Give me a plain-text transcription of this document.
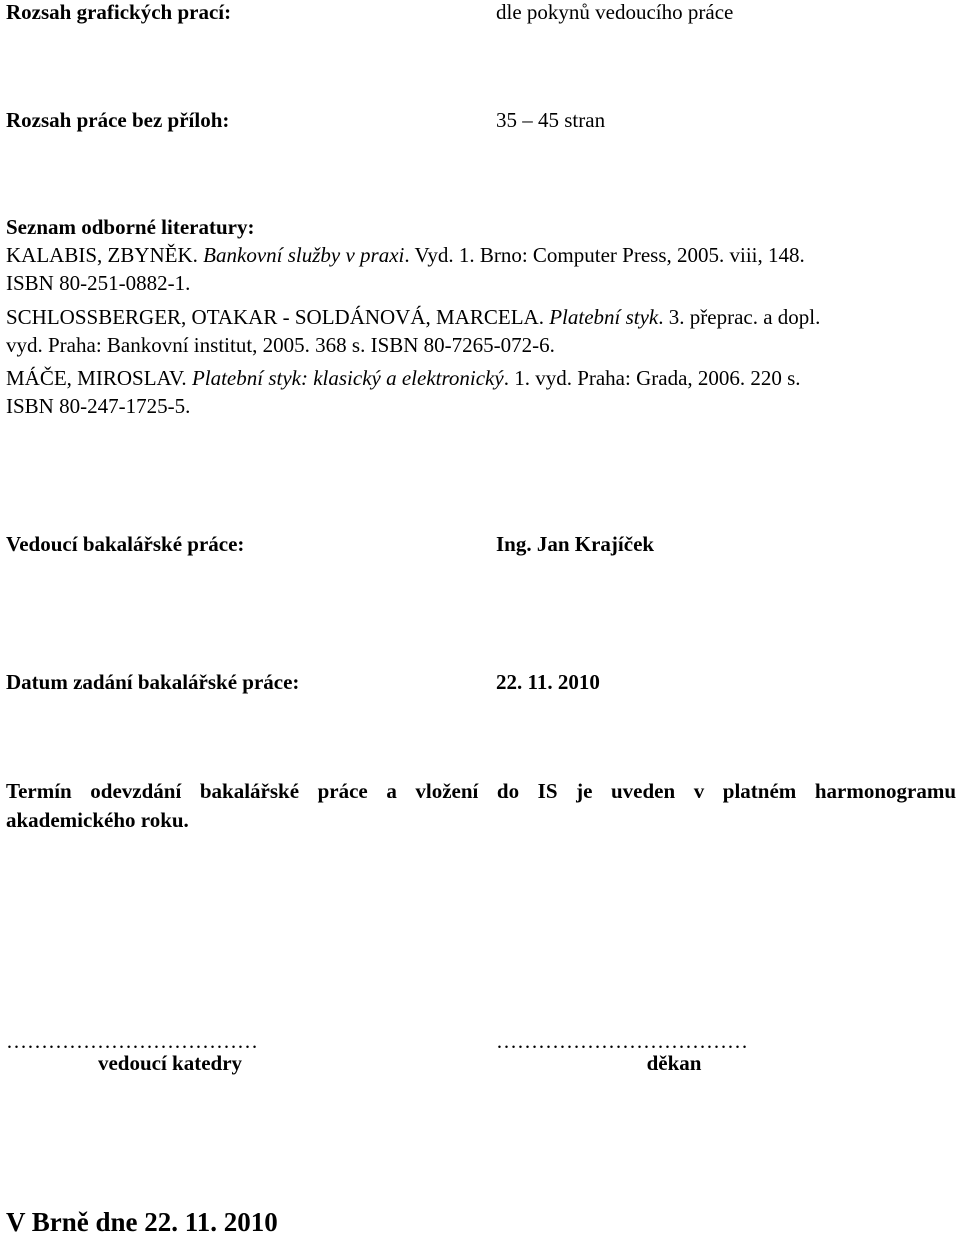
Rozsah grafických prací:	dle pokynů vedoucího práce
Rozsah práce bez příloh:	35 – 45 stran
Seznam odborné literatury:
KALABIS, ZBYNĚK. Bankovní služby v praxi. Vyd. 1. Brno: Computer Press, 2005. viii, 148.
ISBN 80-251-0882-1.
SCHLOSSBERGER, OTAKAR - SOLDÁNOVÁ, MARCELA. Platební styk. 3. přeprac. a dopl.
vyd. Praha: Bankovní institut, 2005. 368 s. ISBN 80-7265-072-6.
MÁČE, MIROSLAV. Platební styk: klasický a elektronický. 1. vyd. Praha: Grada, 2006. 220 s.
ISBN 80-247-1725-5.
Vedoucí bakalářské práce:	Ing. Jan Krajíček
Datum zadání bakalářské práce:	22. 11. 2010
Termín odevzdání bakalářské práce a vložení do IS je uveden v platném harmonogramu
akademického roku.
………………………………
vedoucí katedry
………………………………
děkan
V Brně dne 22. 11. 2010
